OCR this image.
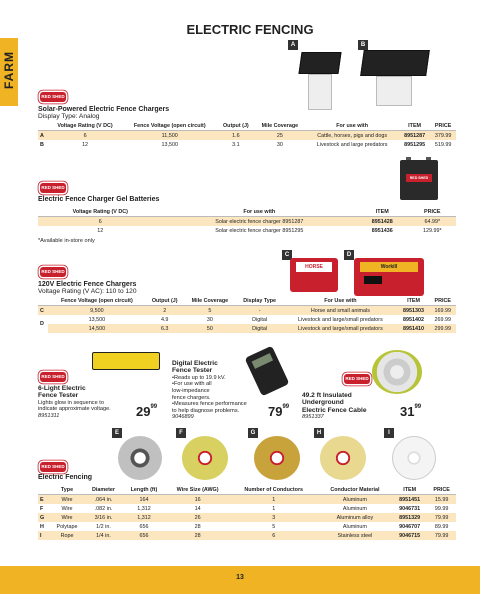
FARM
ELECTRIC FENCING
A	B
RED SHED
Solar-Powered Electric Fence Chargers
Display Type: Analog
	Voltage Rating (V DC)	Fence Voltage (open circuit)	Output (J)	Mile Coverage	For use with	ITEM	PRICE
A	6	11,500	1.6	25	Cattle, horses, pigs and dogs	8951287	379.99
B	12	13,500	3.1	30	Livestock and large predators	8951295	519.99
RED SHED
RED SHED
Electric Fence Charger Gel Batteries
Voltage Rating (V DC)	For use with	ITEM	PRICE
6	Solar electric fence charger 8951287	8951428	64.99*
12	Solar electric fence charger 8951295	8951436	129.99*
*Available in-store only
C	D
HORSE	Workill
RED SHED
120V Electric Fence Chargers
Voltage Rating (V AC): 110 to 120
	Fence Voltage (open circuit)	Output (J)	Mile Coverage	Display Type	For Use with	ITEM	PRICE
C	9,500	2	5	-	Horse and small animals	8951303	169.99
D	13,500	4.9	30	Digital	Livestock and large/small predators	8951402	269.99
	14,500	6.3	50	Digital	Livestock and large/small predators	8951410	299.99
RED SHED
6-Light Electric
Fence Tester
Lights glow in sequence to
indicate approximate voltage.
8951311	$29^{99}$
Digital Electric
Fence Tester
•Reads up to 19.9 kV.
•For use with all
low-impedance
fence chargers.
•Measures fence performance
to help diagnose problems.
9046899	$79^{99}$
RED SHED
49.2 ft Insulated
Underground
Electric Fence Cable
8951337	$31^{99}$
E	F	G	H	I
RED SHED
Electric Fencing
	Type	Diameter	Length (ft)	Wire Size (AWG)	Number of Conductors	Conductor Material	ITEM	PRICE
E	Wire	.064 in.	164	16	1	Aluminum	8951451	15.99
F	Wire	.082 in.	1,312	14	1	Aluminum	9046731	99.99
G	Wire	3/16 in.	1,312	26	3	Aluminum alloy	8951329	79.99
H	Polytape	1/2 in.	656	28	5	Aluminum	9046707	89.99
I	Rope	1/4 in.	656	28	6	Stainless steel	9046715	79.99
13
